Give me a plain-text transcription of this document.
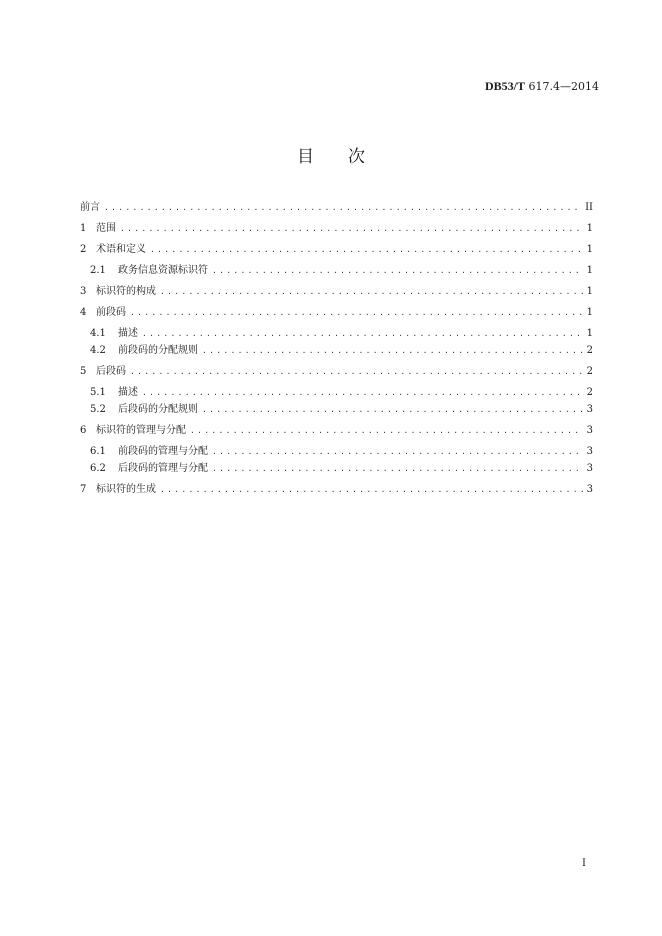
DB53/T 617.4—2014
目 次
前言 .....	II
1 范围 .....	1
2 术语和定义 .....	1
2.1	政务信息资源标识符 .....	1
3 标识符的构成 .....	1
4 前段码 .....	1
4.1	描述 .....	1
4.2	前段码的分配规则 .....	2
5 后段码 .....	2
5.1	描述 .....	2
5.2	后段码的分配规则 .....	3
6 标识符的管理与分配 .....	3
6.1	前段码的管理与分配 .....	3
6.2	后段码的管理与分配 .....	3
7 标识符的生成 .....	3
I
